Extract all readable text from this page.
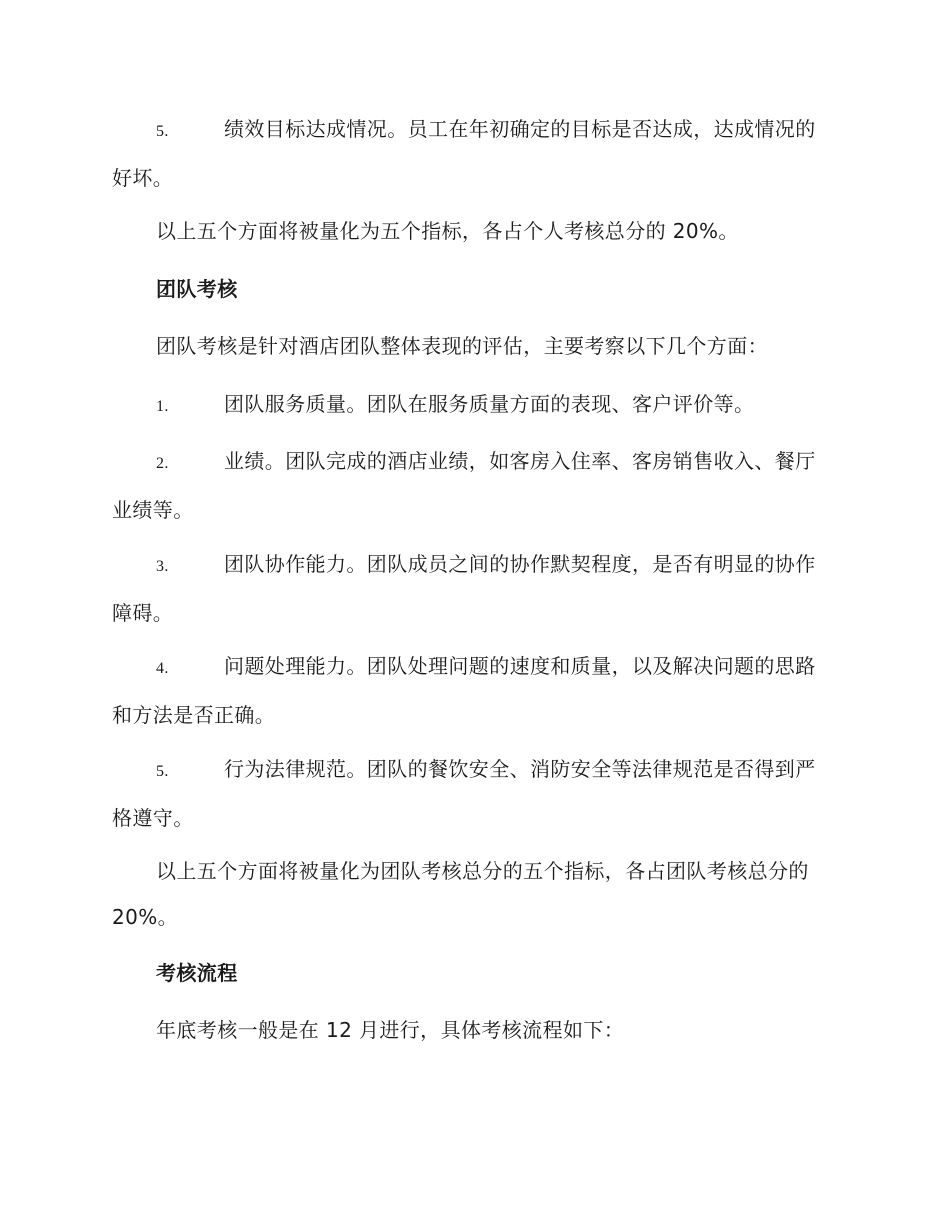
5.	绩效目标达成情况。员工在年初确定的目标是否达成，达成情况的好坏。

以上五个方面将被量化为五个指标，各占个人考核总分的 20%。

团队考核

团队考核是针对酒店团队整体表现的评估，主要考察以下几个方面：

1.	团队服务质量。团队在服务质量方面的表现、客户评价等。

2.	业绩。团队完成的酒店业绩，如客房入住率、客房销售收入、餐厅业绩等。

3.	团队协作能力。团队成员之间的协作默契程度，是否有明显的协作障碍。

4.	问题处理能力。团队处理问题的速度和质量，以及解决问题的思路和方法是否正确。

5.	行为法律规范。团队的餐饮安全、消防安全等法律规范是否得到严格遵守。

以上五个方面将被量化为团队考核总分的五个指标，各占团队考核总分的 20%。

考核流程

年底考核一般是在 12 月进行，具体考核流程如下：
